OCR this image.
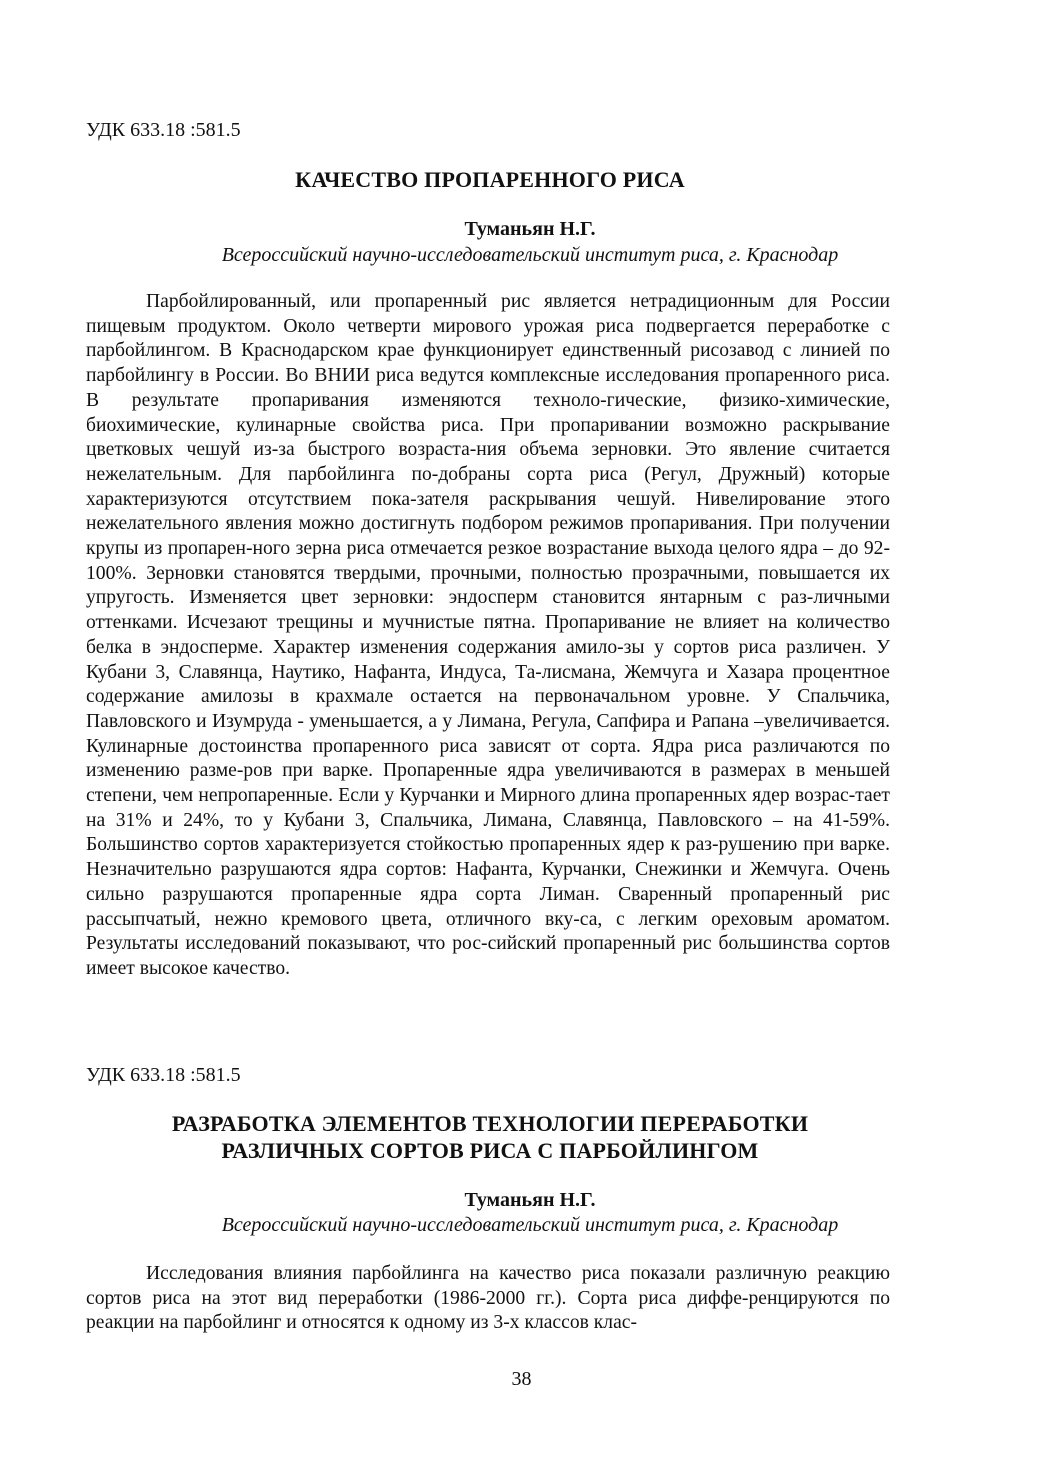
УДК 633.18 :581.5
КАЧЕСТВО ПРОПАРЕННОГО РИСА
Туманьян Н.Г.
Всероссийский научно-исследовательский институт риса, г. Краснодар

Парбойлированный, или пропаренный рис является нетрадиционным для России пищевым продуктом. Около четверти мирового урожая риса подвергается переработке с парбойлингом. В Краснодарском крае функционирует единственный рисозавод с линией по парбойлингу в России. Во ВНИИ риса ведутся комплексные исследования пропаренного риса. В результате пропаривания изменяются техноло-гические, физико-химические, биохимические, кулинарные свойства риса. При пропаривании возможно раскрывание цветковых чешуй из-за быстрого возраста-ния объема зерновки. Это явление считается нежелательным. Для парбойлинга по-добраны сорта риса (Регул, Дружный) которые характеризуются отсутствием пока-зателя раскрывания чешуй. Нивелирование этого нежелательного явления можно достигнуть подбором режимов пропаривания. При получении крупы из пропарен-ного зерна риса отмечается резкое возрастание выхода целого ядра – до 92-100%. Зерновки становятся твердыми, прочными, полностью прозрачными, повышается их упругость. Изменяется цвет зерновки: эндосперм становится янтарным с раз-личными оттенками. Исчезают трещины и мучнистые пятна. Пропаривание не влияет на количество белка в эндосперме. Характер изменения содержания амило-зы у сортов риса различен. У Кубани 3, Славянца, Наутико, Нафанта, Индуса, Та-лисмана, Жемчуга и Хазара процентное содержание амилозы в крахмале остается на первоначальном уровне. У Спальчика, Павловского и Изумруда - уменьшается, а у Лимана, Регула, Сапфира и Рапана –увеличивается. Кулинарные достоинства пропаренного риса зависят от сорта. Ядра риса различаются по изменению разме-ров при варке. Пропаренные ядра увеличиваются в размерах в меньшей степени, чем непропаренные. Если у Курчанки и Мирного длина пропаренных ядер возрас-тает на 31% и 24%, то у Кубани 3, Спальчика, Лимана, Славянца, Павловского – на 41-59%. Большинство сортов характеризуется стойкостью пропаренных ядер к раз-рушению при варке. Незначительно разрушаются ядра сортов: Нафанта, Курчанки, Снежинки и Жемчуга. Очень сильно разрушаются пропаренные ядра сорта Лиман. Сваренный пропаренный рис рассыпчатый, нежно кремового цвета, отличного вку-са, с легким ореховым ароматом. Результаты исследований показывают, что рос-сийский пропаренный рис большинства сортов имеет высокое качество.

УДК 633.18 :581.5
РАЗРАБОТКА ЭЛЕМЕНТОВ ТЕХНОЛОГИИ ПЕРЕРАБОТКИ
РАЗЛИЧНЫХ СОРТОВ РИСА С ПАРБОЙЛИНГОМ
Туманьян Н.Г.
Всероссийский научно-исследовательский институт риса, г. Краснодар

Исследования влияния парбойлинга на качество риса показали различную реакцию сортов риса на этот вид переработки (1986-2000 гг.). Сорта риса диффе-ренцируются по реакции на парбойлинг и относятся к одному из 3-х классов клас-

38
